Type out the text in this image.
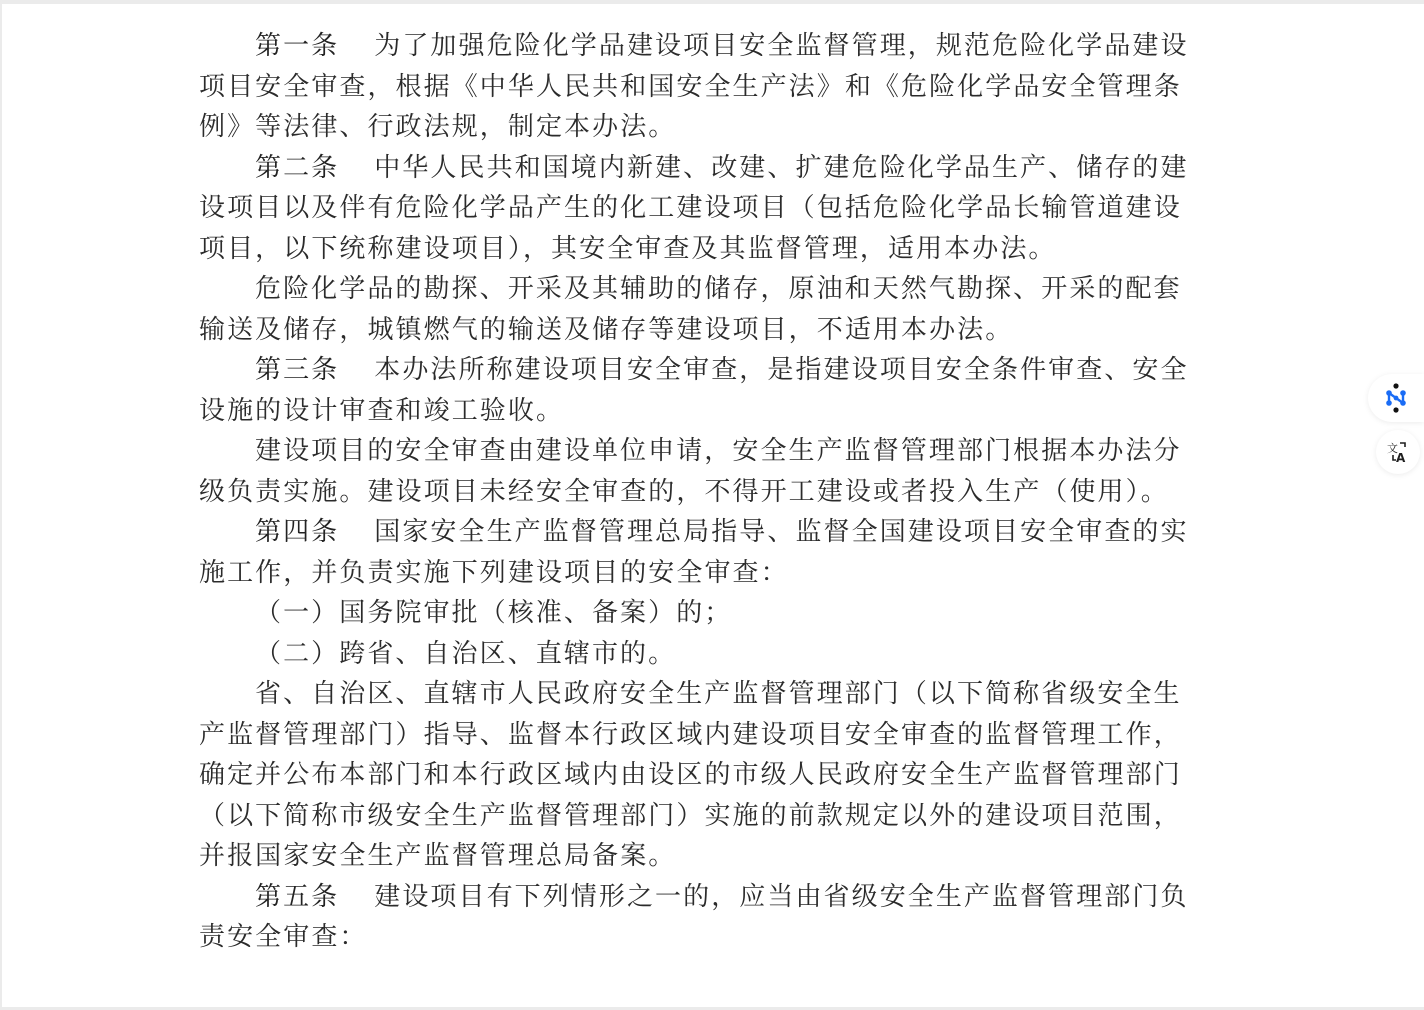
第一条 为了加强危险化学品建设项目安全监督管理，规范危险化学品建设
项目安全审查，根据《中华人民共和国安全生产法》和《危险化学品安全管理条
例》等法律、行政法规，制定本办法。
第二条 中华人民共和国境内新建、改建、扩建危险化学品生产、储存的建
设项目以及伴有危险化学品产生的化工建设项目（包括危险化学品长输管道建设
项目，以下统称建设项目），其安全审查及其监督管理，适用本办法。
危险化学品的勘探、开采及其辅助的储存，原油和天然气勘探、开采的配套
输送及储存，城镇燃气的输送及储存等建设项目，不适用本办法。
第三条 本办法所称建设项目安全审查，是指建设项目安全条件审查、安全
设施的设计审查和竣工验收。
建设项目的安全审查由建设单位申请，安全生产监督管理部门根据本办法分
级负责实施。建设项目未经安全审查的，不得开工建设或者投入生产（使用）。
第四条 国家安全生产监督管理总局指导、监督全国建设项目安全审查的实
施工作，并负责实施下列建设项目的安全审查：
（一）国务院审批（核准、备案）的；
（二）跨省、自治区、直辖市的。
省、自治区、直辖市人民政府安全生产监督管理部门（以下简称省级安全生
产监督管理部门）指导、监督本行政区域内建设项目安全审查的监督管理工作，
确定并公布本部门和本行政区域内由设区的市级人民政府安全生产监督管理部门
（以下简称市级安全生产监督管理部门）实施的前款规定以外的建设项目范围，
并报国家安全生产监督管理总局备案。
第五条 建设项目有下列情形之一的，应当由省级安全生产监督管理部门负
责安全审查：
文
A
